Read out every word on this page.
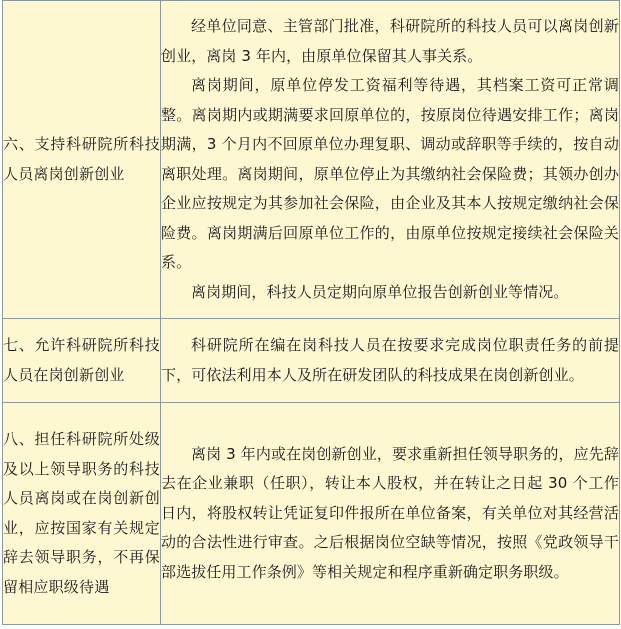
六、支持科研院所科技人员离岗创新创业	经单位同意、主管部门批准，科研院所的科技人员可以离岗创新创业，离岗 3 年内，由原单位保留其人事关系。

离岗期间，原单位停发工资福利等待遇，其档案工资可正常调整。离岗期内或期满要求回原单位的，按原岗位待遇安排工作；离岗期满，3 个月内不回原单位办理复职、调动或辞职等手续的，按自动离职处理。离岗期间，原单位停止为其缴纳社会保险费；其领办创办企业应按规定为其参加社会保险，由企业及其本人按规定缴纳社会保险费。离岗期满后回原单位工作的，由原单位按规定接续社会保险关系。

离岗期间，科技人员定期向原单位报告创新创业等情况。

七、允许科研院所科技人员在岗创新创业	科研院所在编在岗科技人员在按要求完成岗位职责任务的前提下，可依法利用本人及所在研发团队的科技成果在岗创新创业。

八、担任科研院所处级及以上领导职务的科技人员离岗或在岗创新创业，应按国家有关规定辞去领导职务，不再保留相应职级待遇	离岗 3 年内或在岗创新创业，要求重新担任领导职务的，应先辞去在企业兼职（任职），转让本人股权，并在转让之日起 30 个工作日内，将股权转让凭证复印件报所在单位备案，有关单位对其经营活动的合法性进行审查。之后根据岗位空缺等情况，按照《党政领导干部选拔任用工作条例》等相关规定和程序重新确定职务职级。
